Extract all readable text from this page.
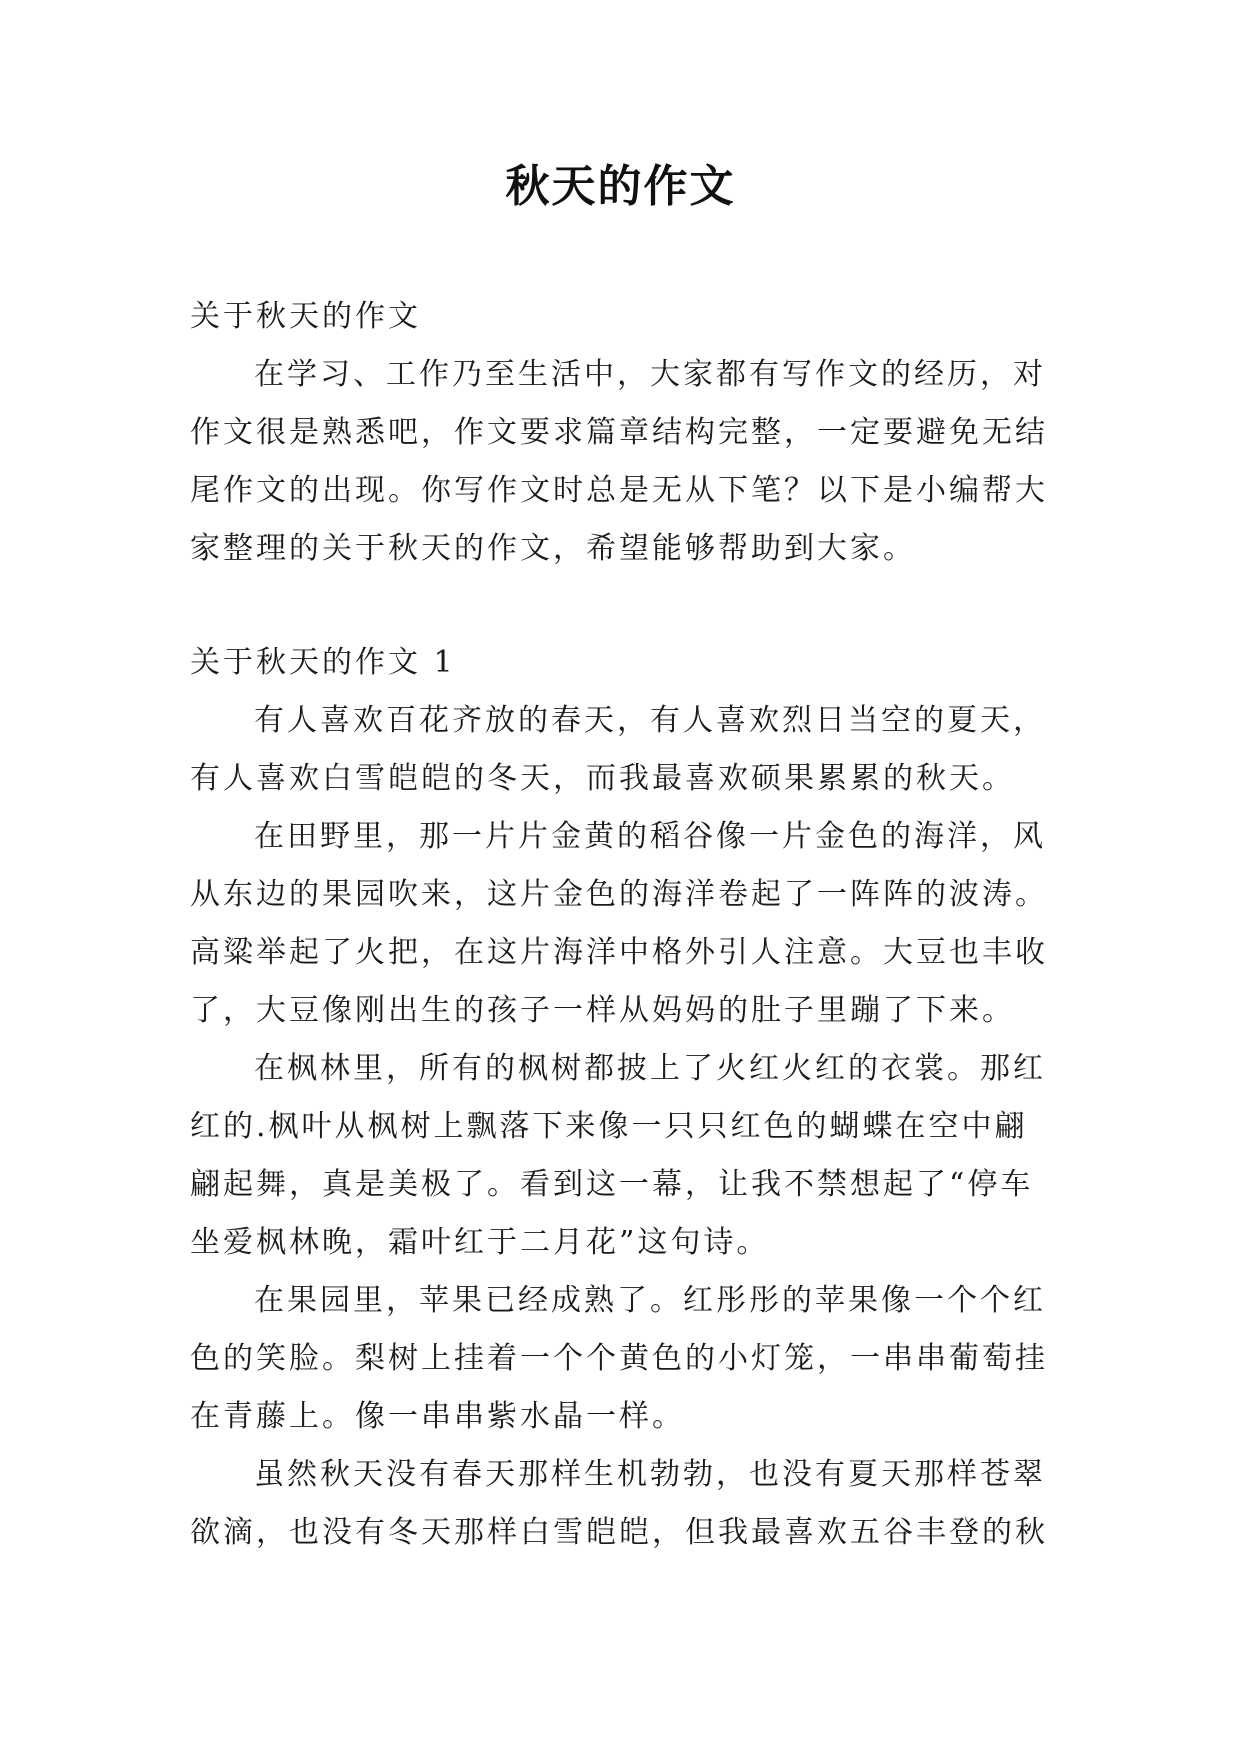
秋天的作文
关于秋天的作文
在学习、工作乃至生活中，大家都有写作文的经历，对
作文很是熟悉吧，作文要求篇章结构完整，一定要避免无结
尾作文的出现。你写作文时总是无从下笔？以下是小编帮大
家整理的关于秋天的作文，希望能够帮助到大家。
关于秋天的作文 1
有人喜欢百花齐放的春天，有人喜欢烈日当空的夏天，
有人喜欢白雪皑皑的冬天，而我最喜欢硕果累累的秋天。
在田野里，那一片片金黄的稻谷像一片金色的海洋，风
从东边的果园吹来，这片金色的海洋卷起了一阵阵的波涛。
高粱举起了火把，在这片海洋中格外引人注意。大豆也丰收
了，大豆像刚出生的孩子一样从妈妈的肚子里蹦了下来。
在枫林里，所有的枫树都披上了火红火红的衣裳。那红
红的.枫叶从枫树上飘落下来像一只只红色的蝴蝶在空中翩
翩起舞，真是美极了。看到这一幕，让我不禁想起了“停车
坐爱枫林晚，霜叶红于二月花”这句诗。
在果园里，苹果已经成熟了。红彤彤的苹果像一个个红
色的笑脸。梨树上挂着一个个黄色的小灯笼，一串串葡萄挂
在青藤上。像一串串紫水晶一样。
虽然秋天没有春天那样生机勃勃，也没有夏天那样苍翠
欲滴，也没有冬天那样白雪皑皑，但我最喜欢五谷丰登的秋
